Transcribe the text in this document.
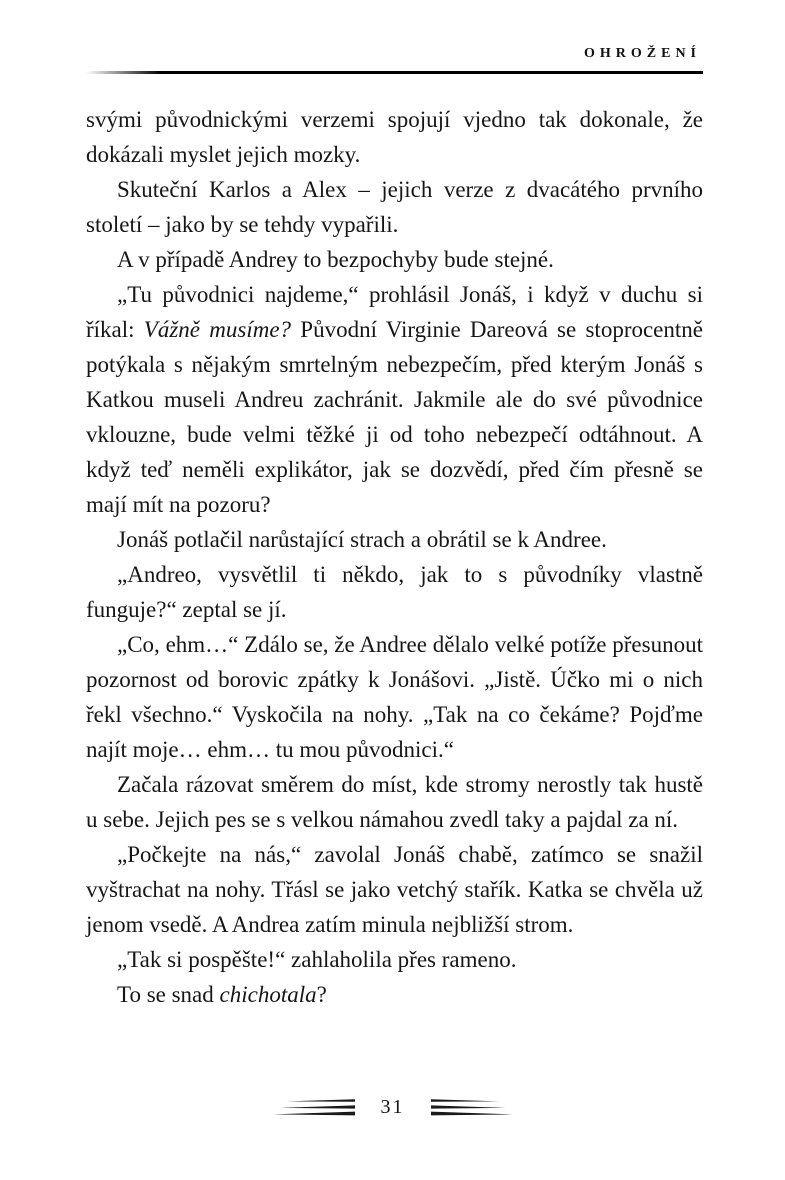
OHROŽENÍ

svými původnickými verzemi spojují vjedno tak dokonale, že dokázali myslet jejich mozky.

Skuteční Karlos a Alex – jejich verze z dvacátého prvního století – jako by se tehdy vypařili.

A v případě Andrey to bezpochyby bude stejné.

„Tu původnici najdeme,“ prohlásil Jonáš, i když v duchu si říkal: Vážně musíme? Původní Virginie Dareová se stoprocentně potýkala s nějakým smrtelným nebezpečím, před kterým Jonáš s Katkou museli Andreu zachránit. Jakmile ale do své původnice vklouzne, bude velmi těžké ji od toho nebezpečí odtáhnout. A když teď neměli explikátor, jak se dozvědí, před čím přesně se mají mít na pozoru?

Jonáš potlačil narůstající strach a obrátil se k Andree.

„Andreo, vysvětlil ti někdo, jak to s původníky vlastně funguje?“ zeptal se jí.

„Co, ehm…“ Zdálo se, že Andree dělalo velké potíže přesunout pozornost od borovic zpátky k Jonášovi. „Jistě. Účko mi o nich řekl všechno.“ Vyskočila na nohy. „Tak na co čekáme? Pojďme najít moje… ehm… tu mou původnici.“

Začala rázovat směrem do míst, kde stromy nerostly tak hustě u sebe. Jejich pes se s velkou námahou zvedl taky a pajdal za ní.

„Počkejte na nás,“ zavolal Jonáš chabě, zatímco se snažil vyštrachat na nohy. Třásl se jako vetchý stařík. Katka se chvěla už jenom vsedě. A Andrea zatím minula nejbližší strom.

„Tak si pospěšte!“ zahlaholila přes rameno.

To se snad chichotala?

31
